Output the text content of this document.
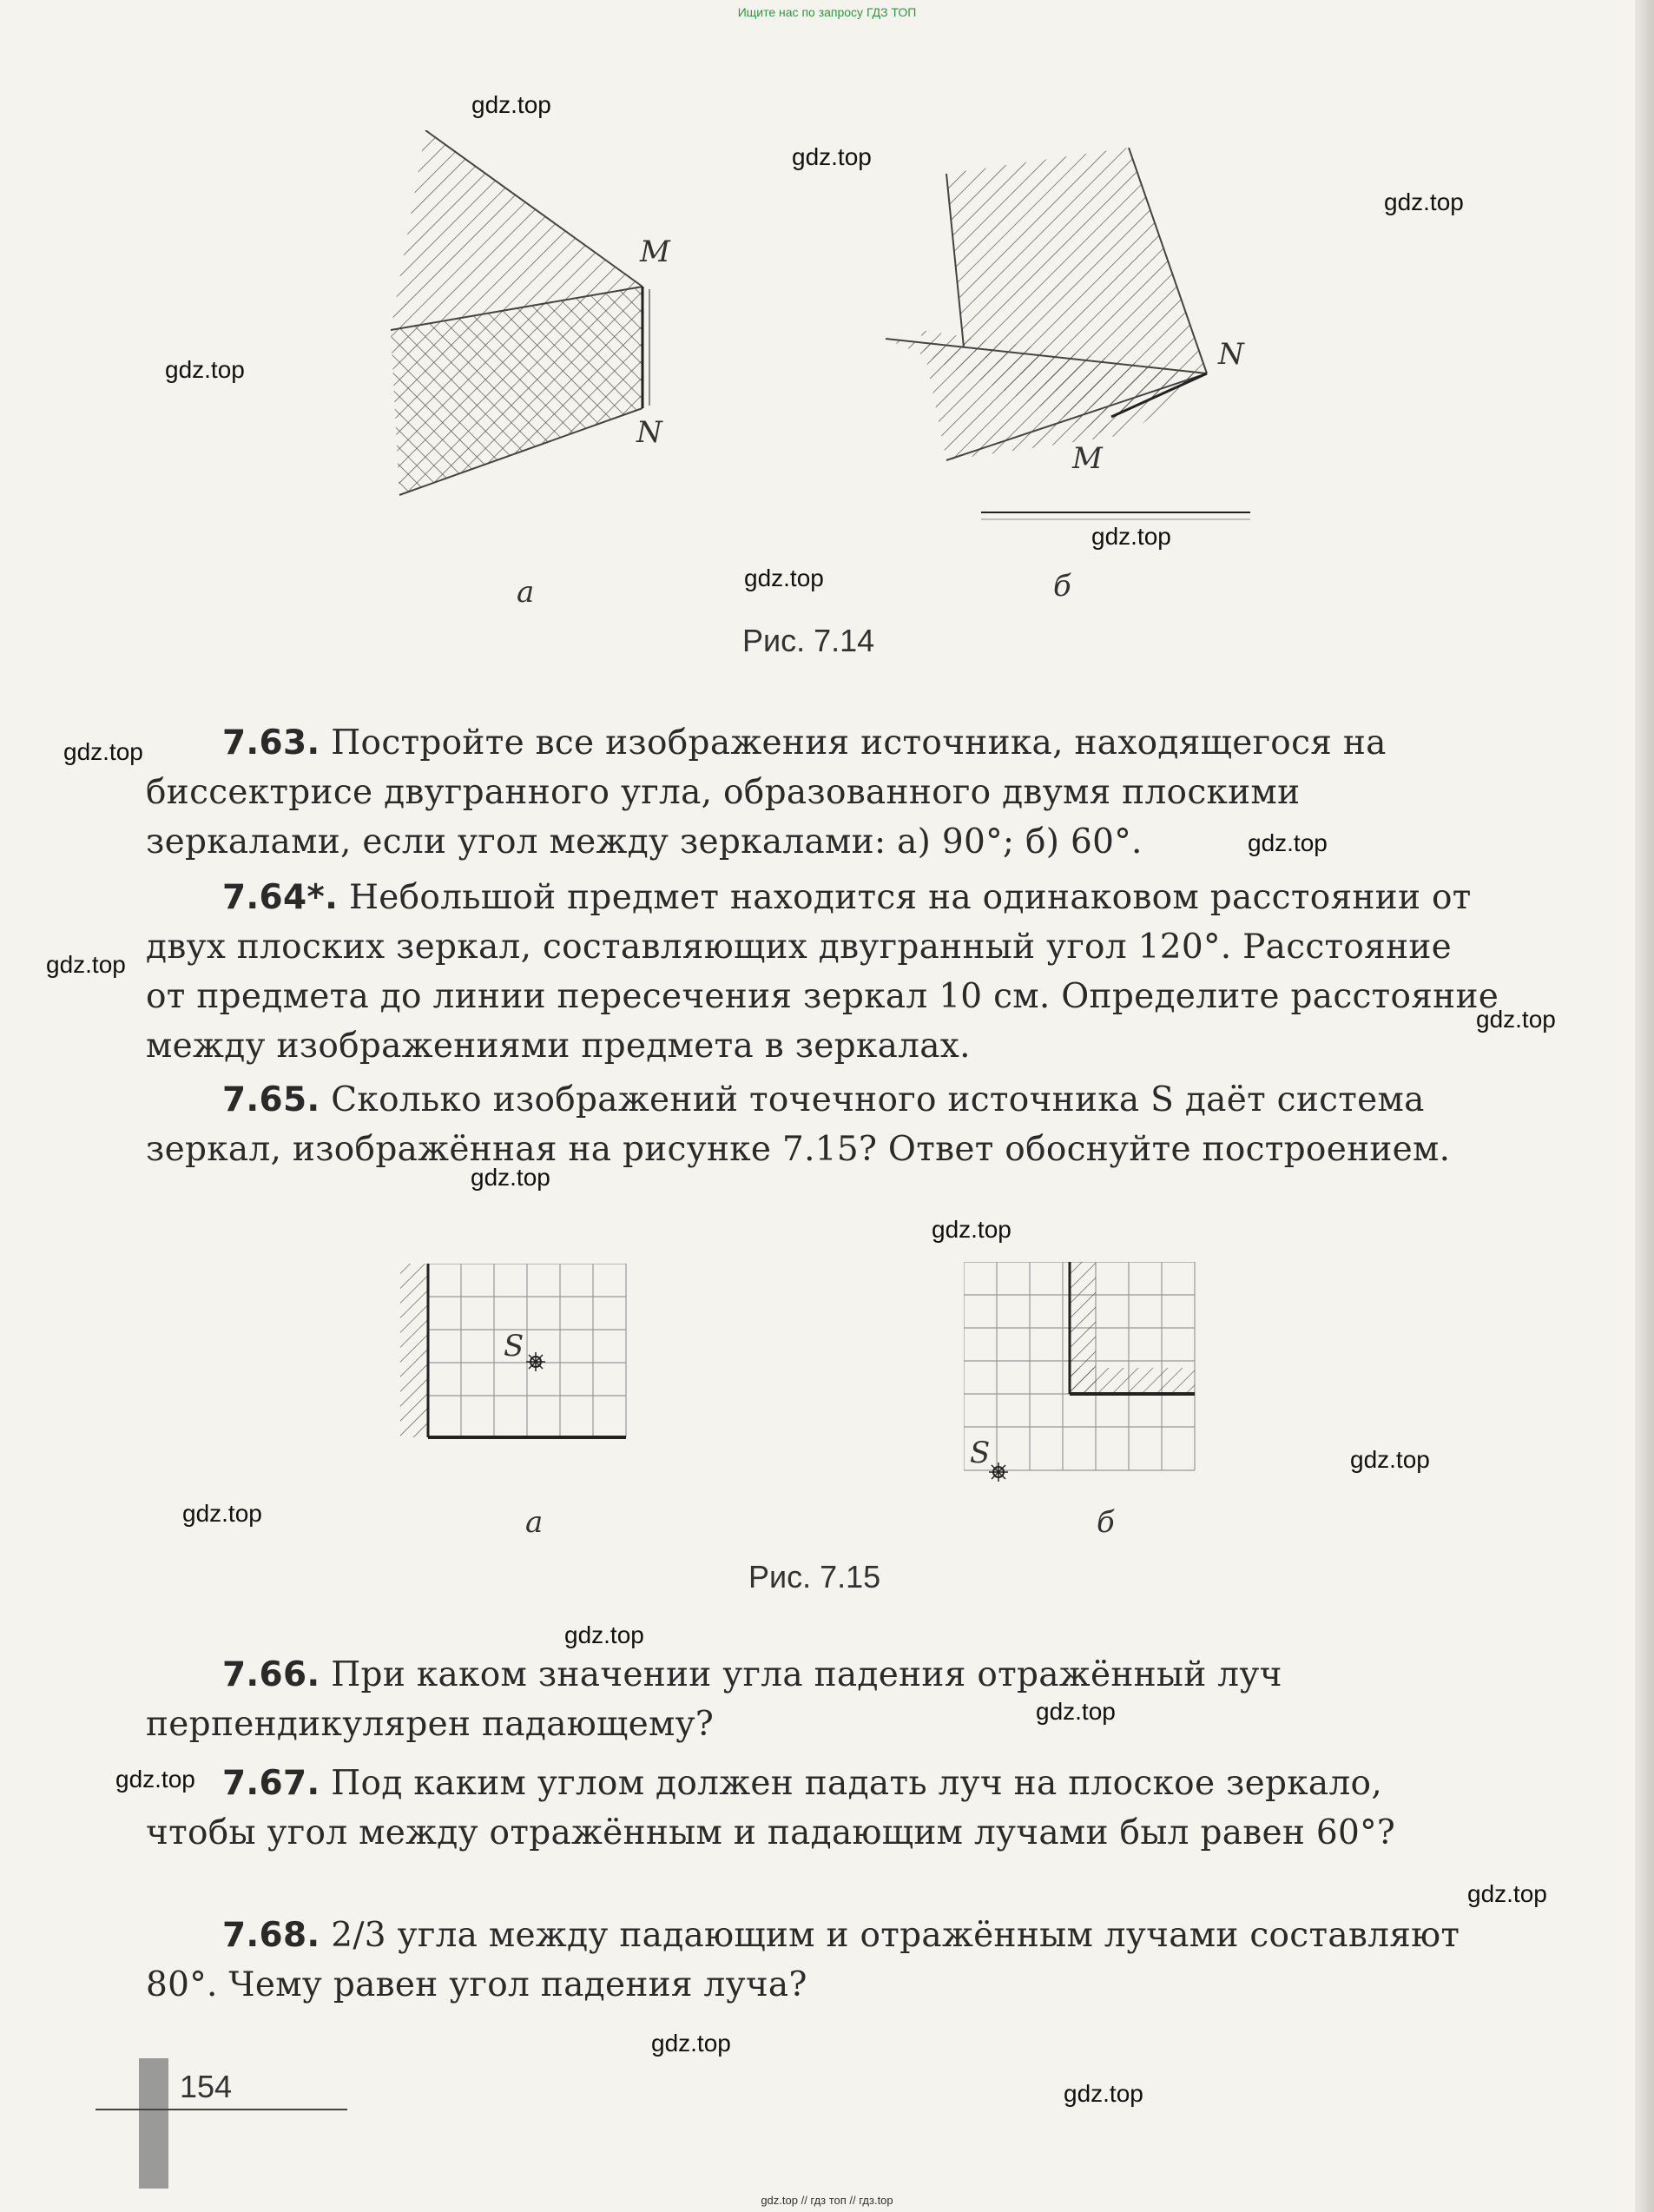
Ищите нас по запросу ГДЗ ТОП
M
N
а
N
M
б
Рис. 7.14
7.63. Постройте все изображения источника, находящегося на биссектрисе двугранного угла, образованного двумя плоскими зеркалами, если угол между зеркалами: а) 90°; б) 60°.
7.64*. Небольшой предмет находится на одинаковом расстоянии от двух плоских зеркал, составляющих двугранный угол 120°. Расстояние от предмета до линии пересечения зеркал 10 см. Определите расстояние между изображениями предмета в зеркалах.
7.65. Сколько изображений точечного источника S даёт система зеркал, изображённая на рисунке 7.15? Ответ обоснуйте построением.
S
а
S
б
Рис. 7.15
7.66. При каком значении угла падения отражённый луч перпендикулярен падающему?
7.67. Под каким углом должен падать луч на плоское зеркало, чтобы угол между отражённым и падающим лучами был равен 60°?
7.68. 2/3 угла между падающим и отражённым лучами составляют 80°. Чему равен угол падения луча?
154
gdz.top
gdz.top
gdz.top
gdz.top
gdz.top
gdz.top
gdz.top
gdz.top
gdz.top
gdz.top
gdz.top
gdz.top
gdz.top
gdz.top
gdz.top
gdz.top
gdz.top
gdz.top
gdz.top
gdz.top
gdz.top // гдз топ // гдз.top
